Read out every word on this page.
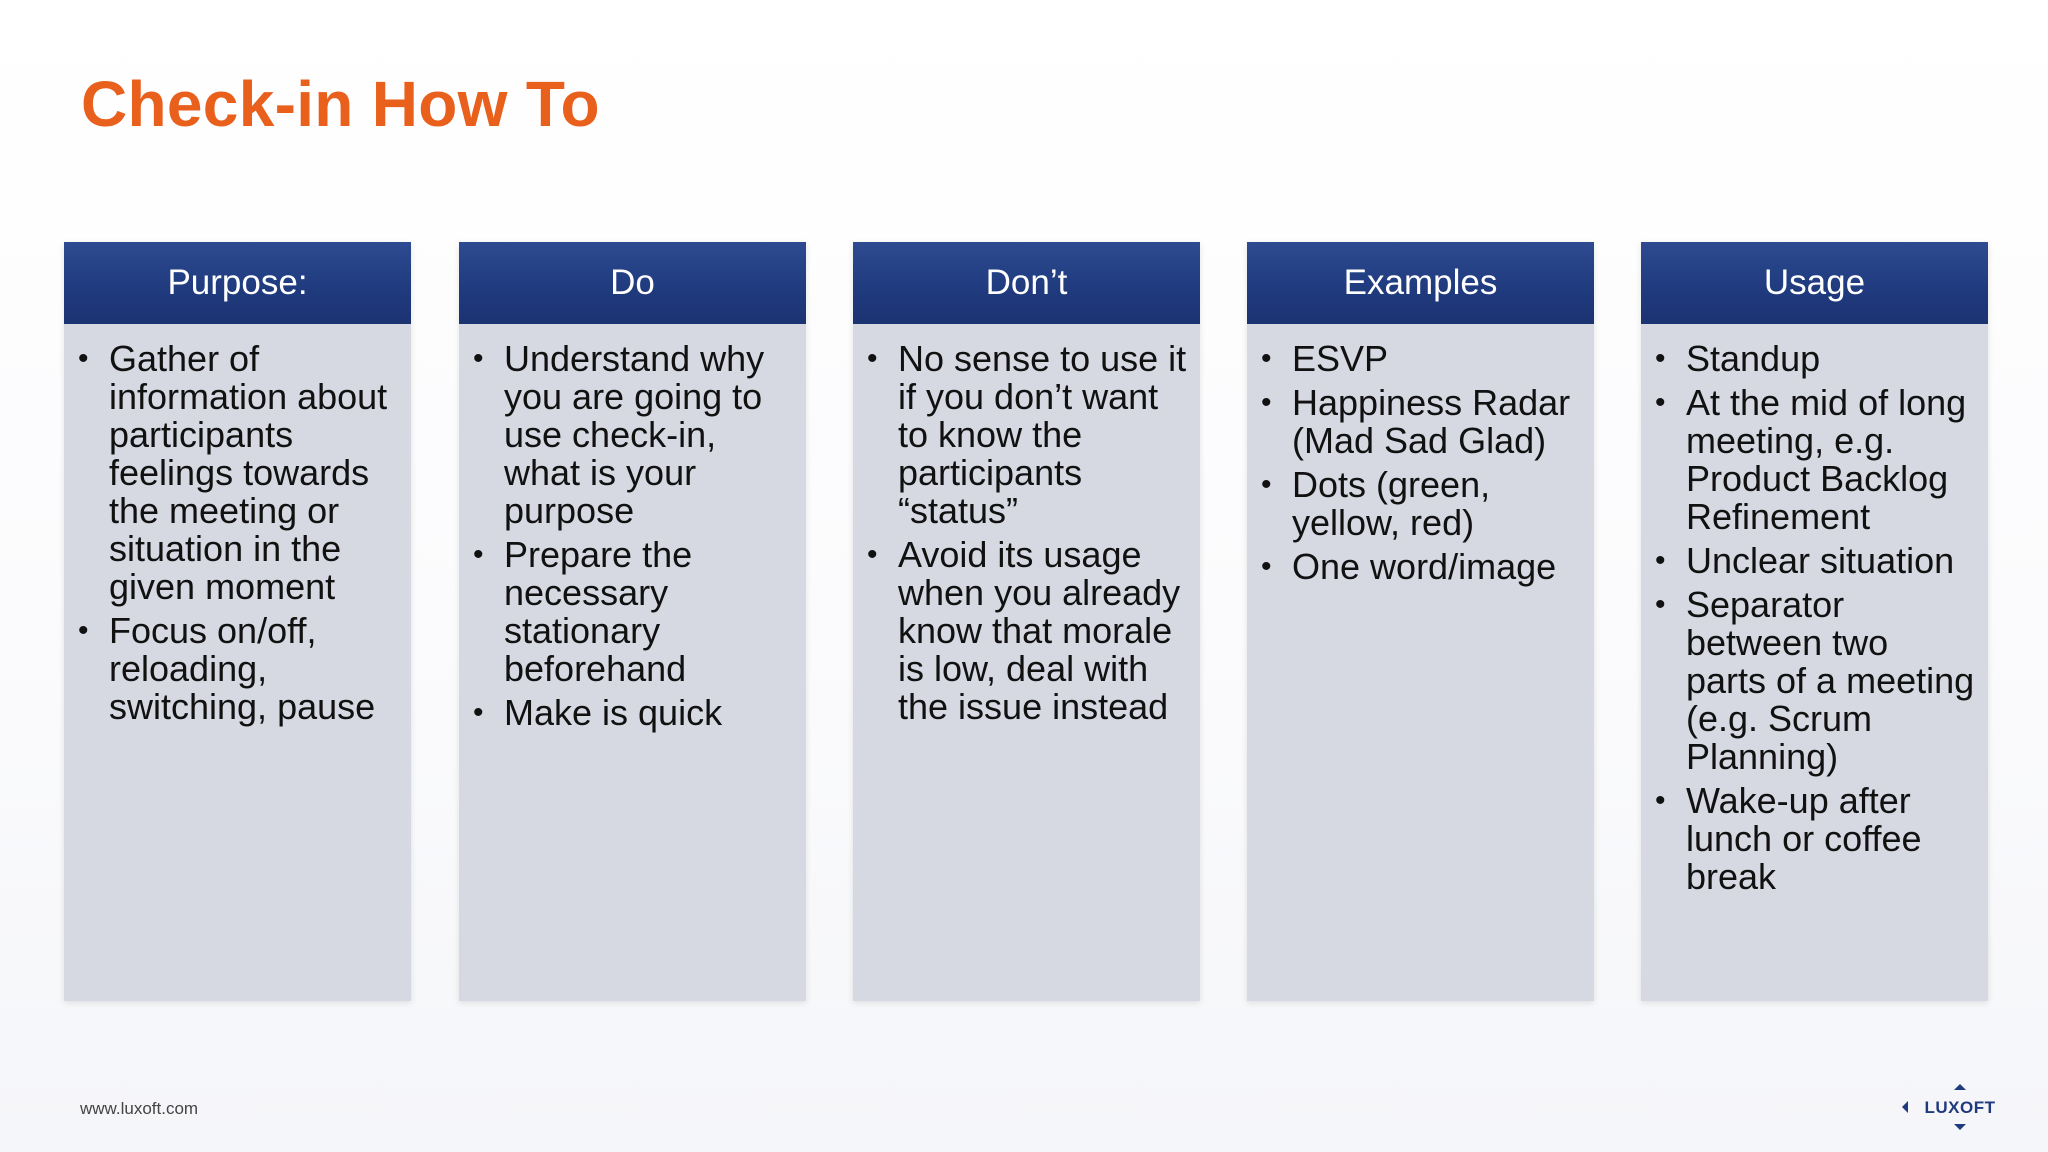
Check-in How To
Purpose:
• Gather of information about participants feelings towards the meeting or situation in the given moment
• Focus on/off, reloading, switching, pause
Do
• Understand why you are going to use check-in, what is your purpose
• Prepare the necessary stationary beforehand
• Make is quick
Don’t
• No sense to use it if you don’t want to know the participants “status”
• Avoid its usage when you already know that morale is low, deal with the issue instead
Examples
• ESVP
• Happiness Radar (Mad Sad Glad)
• Dots (green, yellow, red)
• One word/image
Usage
• Standup
• At the mid of long meeting, e.g. Product Backlog Refinement
• Unclear situation
• Separator between two parts of a meeting (e.g. Scrum Planning)
• Wake-up after lunch or coffee break
www.luxoft.com	LUXOFT
